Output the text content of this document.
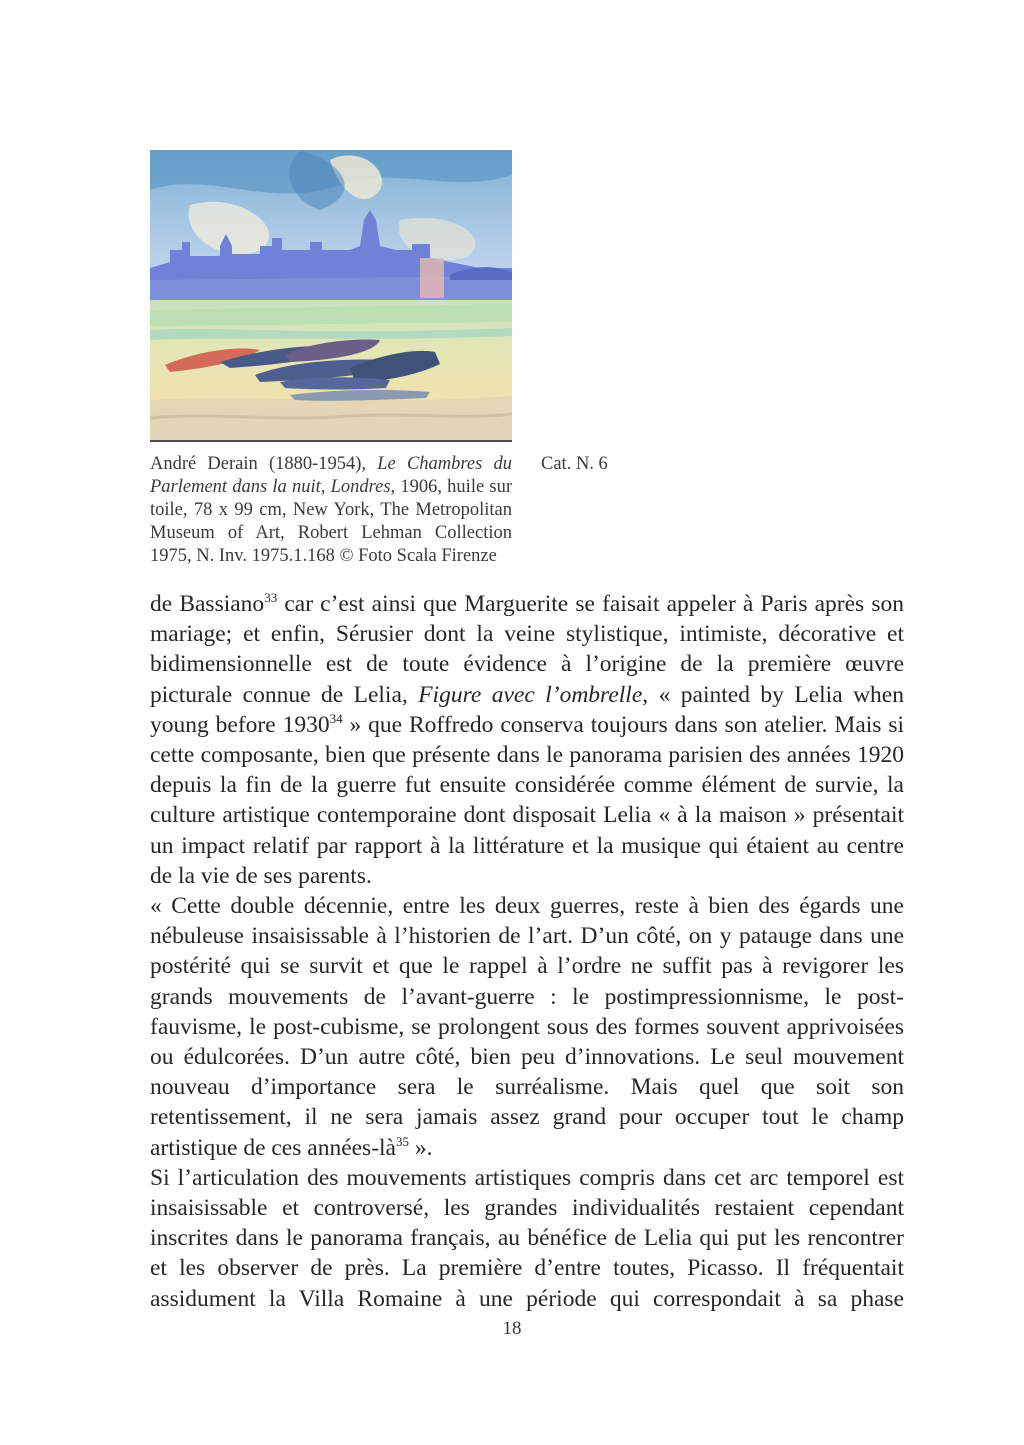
André Derain (1880-1954), Le Chambres du Parlement dans la nuit, Londres, 1906, huile sur toile, 78 x 99 cm, New York, The Metropolitan Museum of Art, Robert Lehman Collection 1975, N. Inv. 1975.1.168 © Foto Scala Firenze
Cat. N. 6

de Bassiano$^{33}$ car c’est ainsi que Marguerite se faisait appeler à Paris après son mariage; et enfin, Sérusier dont la veine stylistique, intimiste, décorative et bidimensionnelle est de toute évidence à l’origine de la première œuvre picturale connue de Lelia, Figure avec l’ombrelle, « painted by Lelia when young before 1930$^{34}$ » que Roffredo conserva toujours dans son atelier. Mais si cette composante, bien que présente dans le panorama parisien des années 1920 depuis la fin de la guerre fut ensuite considérée comme élément de survie, la culture artistique contemporaine dont disposait Lelia « à la maison » présentait un impact relatif par rapport à la littérature et la musique qui étaient au centre de la vie de ses parents.

« Cette double décennie, entre les deux guerres, reste à bien des égards une nébuleuse insaisissable à l’historien de l’art. D’un côté, on y patauge dans une postérité qui se survit et que le rappel à l’ordre ne suffit pas à revigorer les grands mouvements de l’avant-guerre : le postimpressionnisme, le post-fauvisme, le post-cubisme, se prolongent sous des formes souvent apprivoisées ou édulcorées. D’un autre côté, bien peu d’innovations. Le seul mouvement nouveau d’importance sera le surréalisme. Mais quel que soit son retentissement, il ne sera jamais assez grand pour occuper tout le champ artistique de ces années-$là^{35}$ ».

Si l’articulation des mouvements artistiques compris dans cet arc temporel est insaisissable et controversé, les grandes individualités restaient cependant inscrites dans le panorama français, au bénéfice de Lelia qui put les rencontrer et les observer de près. La première d’entre toutes, Picasso. Il fréquentait assidument la Villa Romaine à une période qui correspondait à sa phase

18
